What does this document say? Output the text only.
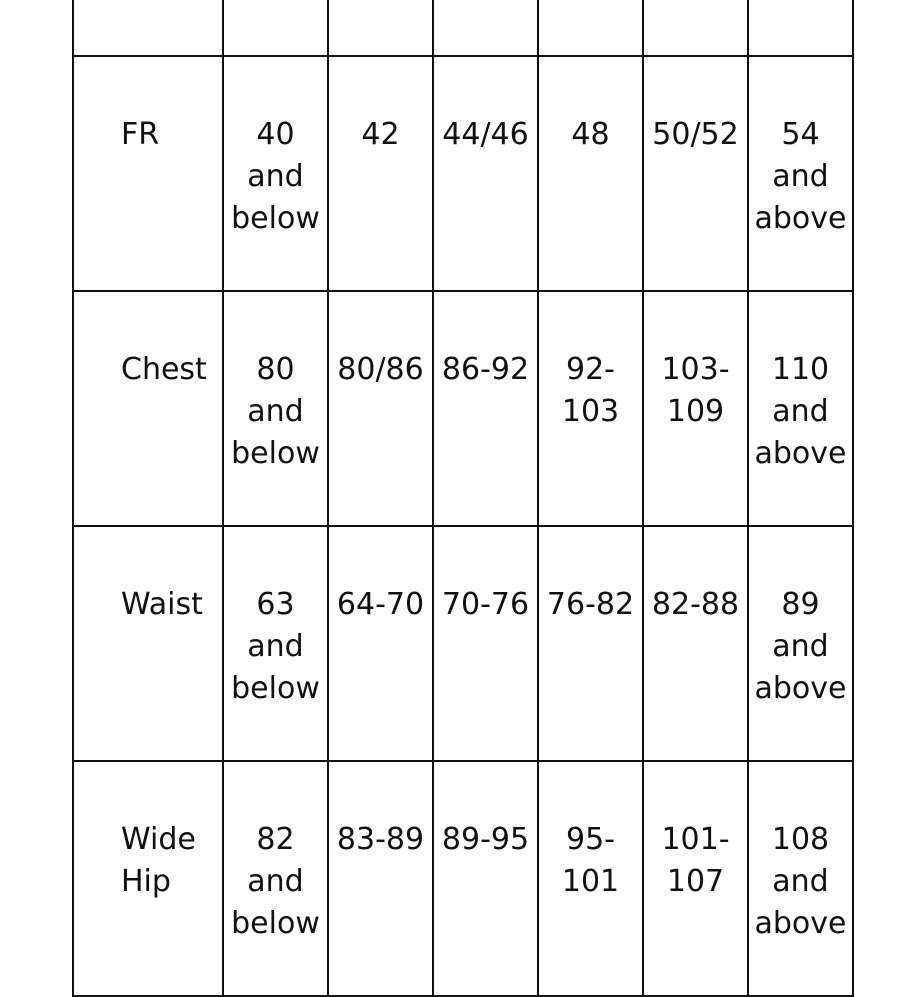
FR	40
and
below	42	44/46	48	50/52	54
and
above

Chest	80
and
below	80/86	86-92	92-103	103-
109	110
and
above

Waist	63
and
below	64-70	70-76	76-82	82-88	89
and
above

Wide
Hip	82
and
below	83-89	89-95	95-101	101-
107	108
and
above
